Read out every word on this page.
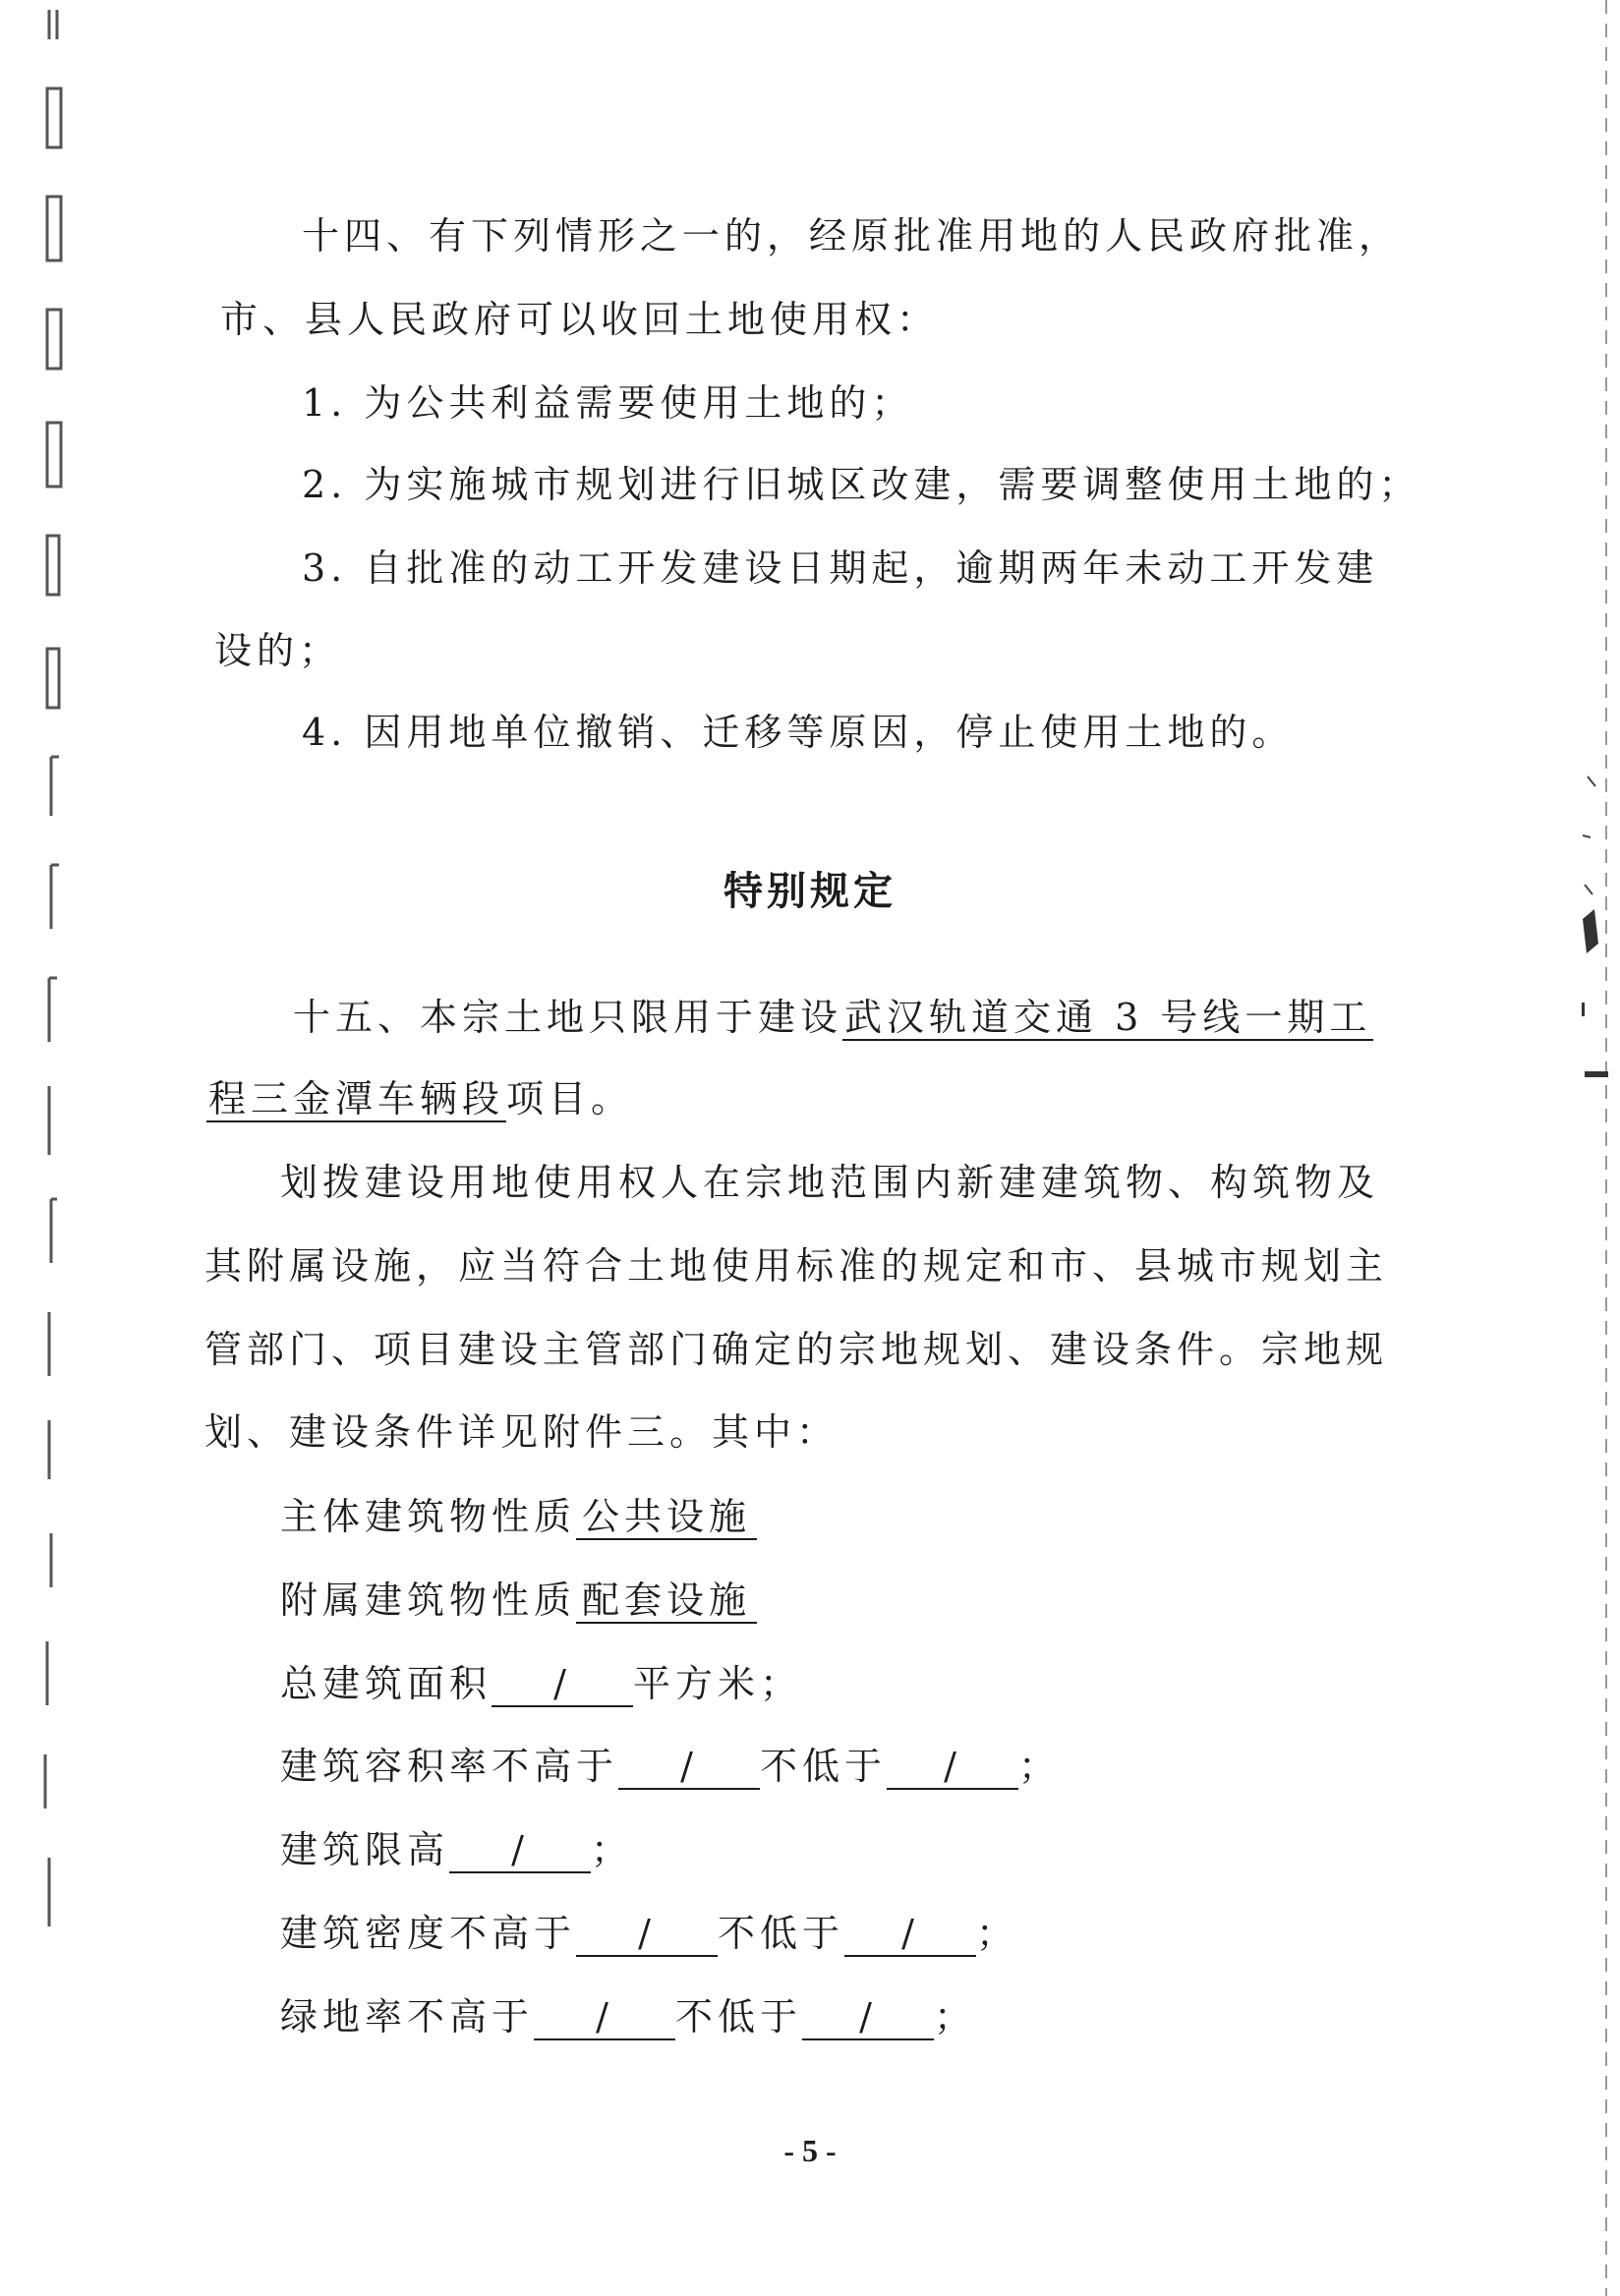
十四、有下列情形之一的，经原批准用地的人民政府批准，
市、县人民政府可以收回土地使用权：
1. 为公共利益需要使用土地的；
2. 为实施城市规划进行旧城区改建，需要调整使用土地的；
3. 自批准的动工开发建设日期起，逾期两年未动工开发建
设的；
4. 因用地单位撤销、迁移等原因，停止使用土地的。
特别规定
十五、本宗土地只限用于建设武汉轨道交通 3 号线一期工
程三金潭车辆段项目。
划拨建设用地使用权人在宗地范围内新建建筑物、构筑物及
其附属设施，应当符合土地使用标准的规定和市、县城市规划主
管部门、项目建设主管部门确定的宗地规划、建设条件。宗地规
划、建设条件详见附件三。其中：
主体建筑物性质 公共设施
附属建筑物性质 配套设施
总建筑面积 / 平方米；
建筑容积率不高于 / 不低于 / ；
建筑限高 / ；
建筑密度不高于 / 不低于 / ；
绿地率不高于 / 不低于 / ；
- 5 -
